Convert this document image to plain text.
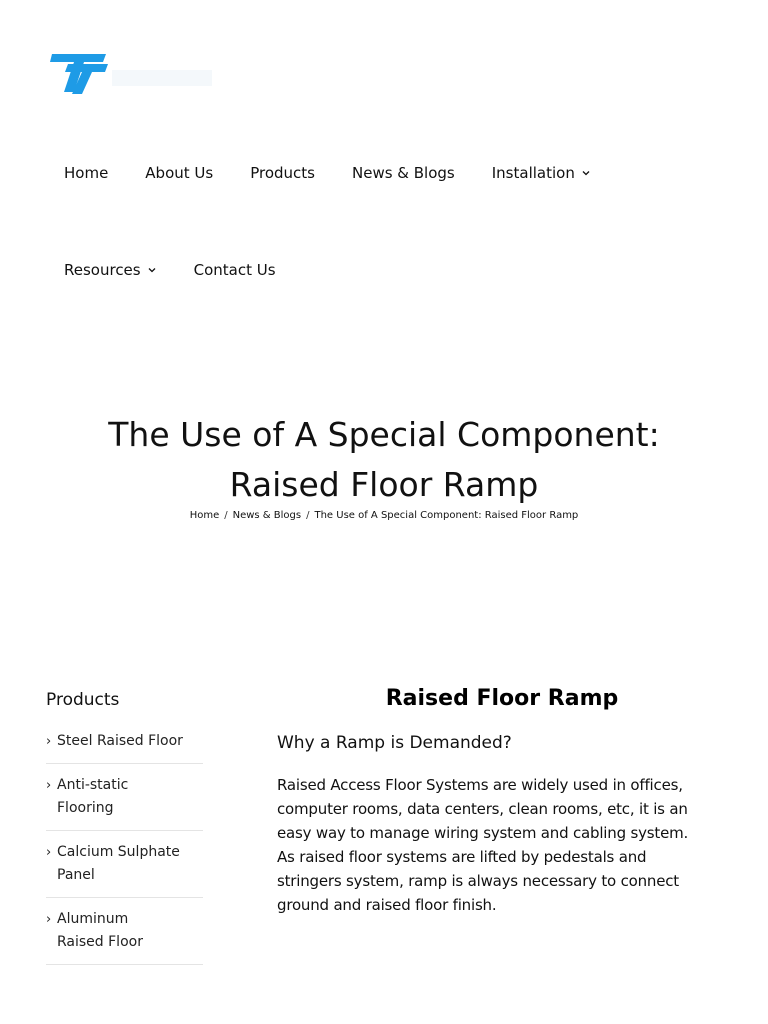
Home About Us Products News & Blogs Installation
Resources	Contact Us
The Use of A Special Component:
Raised Floor Ramp
Home / News & Blogs / The Use of A Special Component: Raised Floor Ramp
Products
› Steel Raised Floor
› Anti-static
Flooring
› Calcium Sulphate
Panel
› Aluminum
Raised Floor
Raised Floor Ramp
Why a Ramp is Demanded?

Raised Access Floor Systems are widely used in offices,
computer rooms, data centers, clean rooms, etc, it is an
easy way to manage wiring system and cabling system.
As raised floor systems are lifted by pedestals and
stringers system, ramp is always necessary to connect
ground and raised floor finish.
